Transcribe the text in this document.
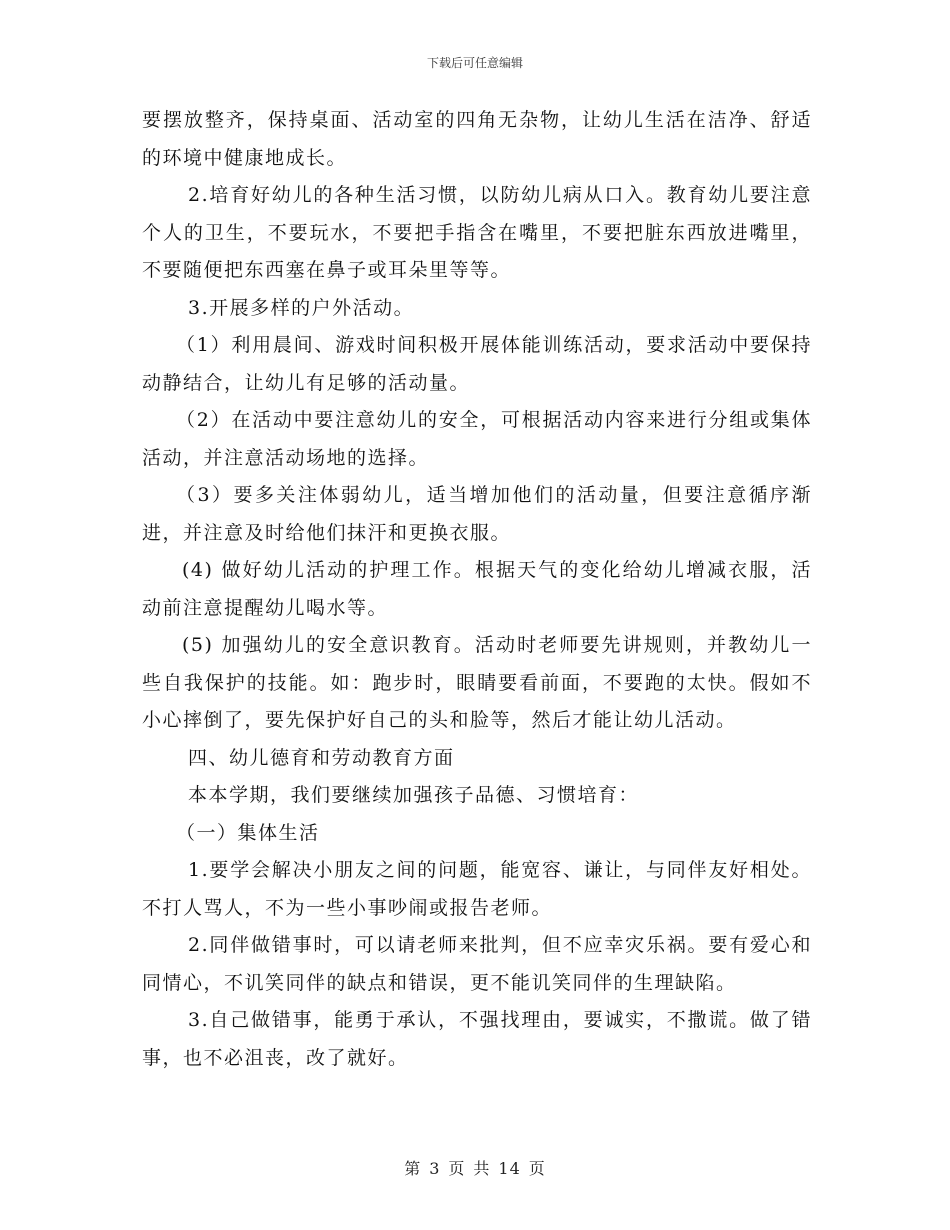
下载后可任意编辑

要摆放整齐，保持桌面、活动室的四角无杂物，让幼儿生活在洁净、舒适的环境中健康地成长。

2.培育好幼儿的各种生活习惯，以防幼儿病从口入。教育幼儿要注意个人的卫生，不要玩水，不要把手指含在嘴里，不要把脏东西放进嘴里，不要随便把东西塞在鼻子或耳朵里等等。

3.开展多样的户外活动。

（1）利用晨间、游戏时间积极开展体能训练活动，要求活动中要保持动静结合，让幼儿有足够的活动量。

（2）在活动中要注意幼儿的安全，可根据活动内容来进行分组或集体活动，并注意活动场地的选择。

（3）要多关注体弱幼儿，适当增加他们的活动量，但要注意循序渐进，并注意及时给他们抹汗和更换衣服。

(4) 做好幼儿活动的护理工作。根据天气的变化给幼儿增减衣服，活动前注意提醒幼儿喝水等。

(5) 加强幼儿的安全意识教育。活动时老师要先讲规则，并教幼儿一些自我保护的技能。如：跑步时，眼睛要看前面，不要跑的太快。假如不小心摔倒了，要先保护好自己的头和脸等，然后才能让幼儿活动。

四、幼儿德育和劳动教育方面

本本学期，我们要继续加强孩子品德、习惯培育：

（一）集体生活

1.要学会解决小朋友之间的问题，能宽容、谦让，与同伴友好相处。不打人骂人，不为一些小事吵闹或报告老师。

2.同伴做错事时，可以请老师来批判，但不应幸灾乐祸。要有爱心和同情心，不讥笑同伴的缺点和错误，更不能讥笑同伴的生理缺陷。

3.自己做错事，能勇于承认，不强找理由，要诚实，不撒谎。做了错事，也不必沮丧，改了就好。

第 3 页 共 14 页
